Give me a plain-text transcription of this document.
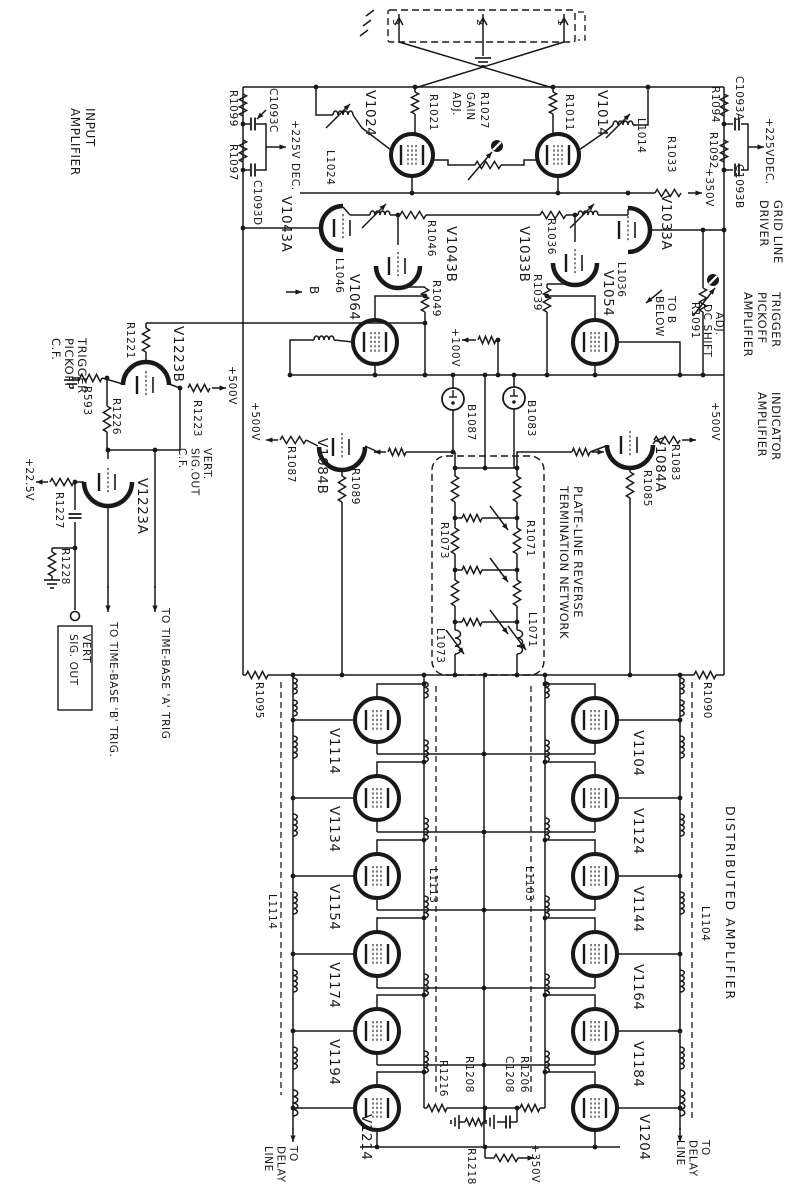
3	2	1
INPUTAMPLIFIER	R1099
R1097
C1093C
C1093D
+225V DEC.
V1024	R1021	R1027GAINADJ.	V1014
R1011
L1024
L1014
C1093A
R1094
+225VDEC.
R1092
C1093B
GRID LINEDRIVER
R1033
+350V
V1043A	R1046 V1043B	V1033B R1036	V1033A
B L1046 V1064	R1049	R1039	V1054 L1036
TO BBELOW	R1091 DC SHIFT ADJ.	TRIGGERPICKOFFAMPLIFIER
INDICATORAMPLIFIER
TRIGGERPICKOFFC.F.	R1221	V1223B
R593 R1226	R1223
+500V
VERT.SIG.OUTC.F.
+500V
+100V
B1087	B1083
R1087 V1084B R1089	V1084A R1083
+500V
R1085
V1223A
+22.5V
R1227
R1228
VERTSIG. OUT	TO TIME-BASE 'B' TRIG.	TO TIME-BASE 'A' TRIG
R1073	R1071
L1073	L1071
PLATE-LINE REVERSETERMINATION NETWORK
R1095	R1090
V1114
V1134
V1154
V1174
V1194
V1214
V1104
V1124
V1144
V1164
V1184
V1204
L1114
L1113	L1103
L1104 DISTRIBUTED AMPLIFIER
R1216 R1208	C1208 R1206
R1218	+350V
TODELAYLINE	TODELAYLINE
